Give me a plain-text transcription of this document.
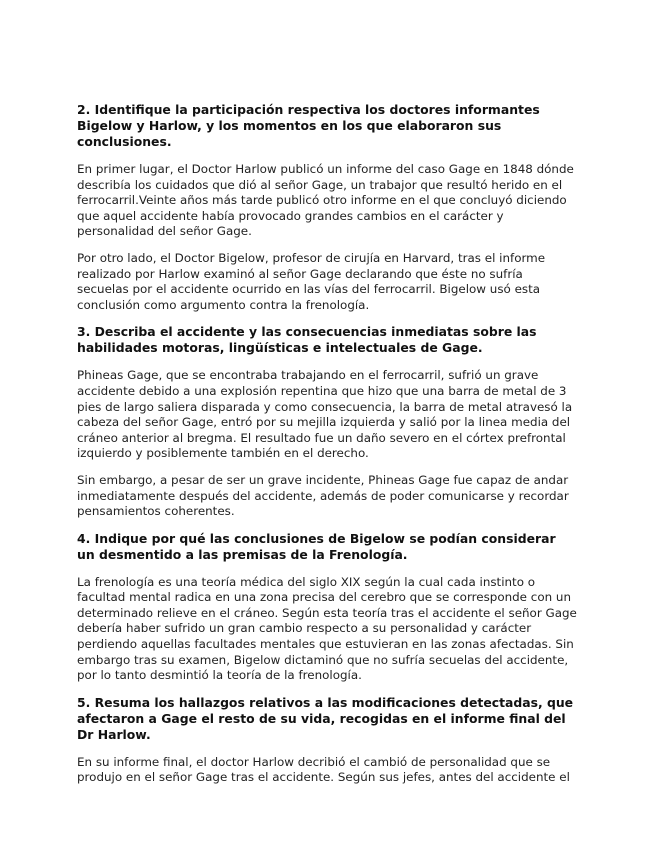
2. Identifique la participación respectiva los doctores informantes Bigelow y Harlow, y los momentos en los que elaboraron sus conclusiones.
En primer lugar, el Doctor Harlow publicó un informe del caso Gage en 1848 dónde describía los cuidados que dió al señor Gage, un trabajor que resultó herido en el ferrocarril.Veinte años más tarde publicó otro informe en el que concluyó diciendo que aquel accidente había provocado grandes cambios en el carácter y personalidad del señor Gage.
Por otro lado, el Doctor Bigelow, profesor de cirujía en Harvard, tras el informe realizado por Harlow examinó al señor Gage declarando que éste no sufría secuelas por el accidente ocurrido en las vías del ferrocarril. Bigelow usó esta conclusión como argumento contra la frenología.
3. Describa el accidente y las consecuencias inmediatas sobre las habilidades motoras, lingüísticas e intelectuales de Gage.
Phineas Gage, que se encontraba trabajando en el ferrocarril, sufrió un grave accidente debido a una explosión repentina que hizo que una barra de metal de 3 pies de largo saliera disparada y como consecuencia, la barra de metal atravesó la cabeza del señor Gage, entró por su mejilla izquierda y salió por la linea media del cráneo anterior al bregma. El resultado fue un daño severo en el córtex prefrontal izquierdo y posiblemente también en el derecho.
Sin embargo, a pesar de ser un grave incidente, Phineas Gage fue capaz de andar inmediatamente después del accidente, además de poder comunicarse y recordar pensamientos coherentes.
4. Indique por qué las conclusiones de Bigelow se podían considerar un desmentido a las premisas de la Frenología.
La frenología es una teoría médica del siglo XIX según la cual cada instinto o facultad mental radica en una zona precisa del cerebro que se corresponde con un determinado relieve en el cráneo. Según esta teoría tras el accidente el señor Gage debería haber sufrido un gran cambio respecto a su personalidad y carácter perdiendo aquellas facultades mentales que estuvieran en las zonas afectadas. Sin embargo tras su examen, Bigelow dictaminó que no sufría secuelas del accidente, por lo tanto desmintió la teoría de la frenología.
5. Resuma los hallazgos relativos a las modificaciones detectadas, que afectaron a Gage el resto de su vida, recogidas en el informe final del Dr Harlow.
En su informe final, el doctor Harlow decribió el cambió de personalidad que se produjo en el señor Gage tras el accidente. Según sus jefes, antes del accidente el
